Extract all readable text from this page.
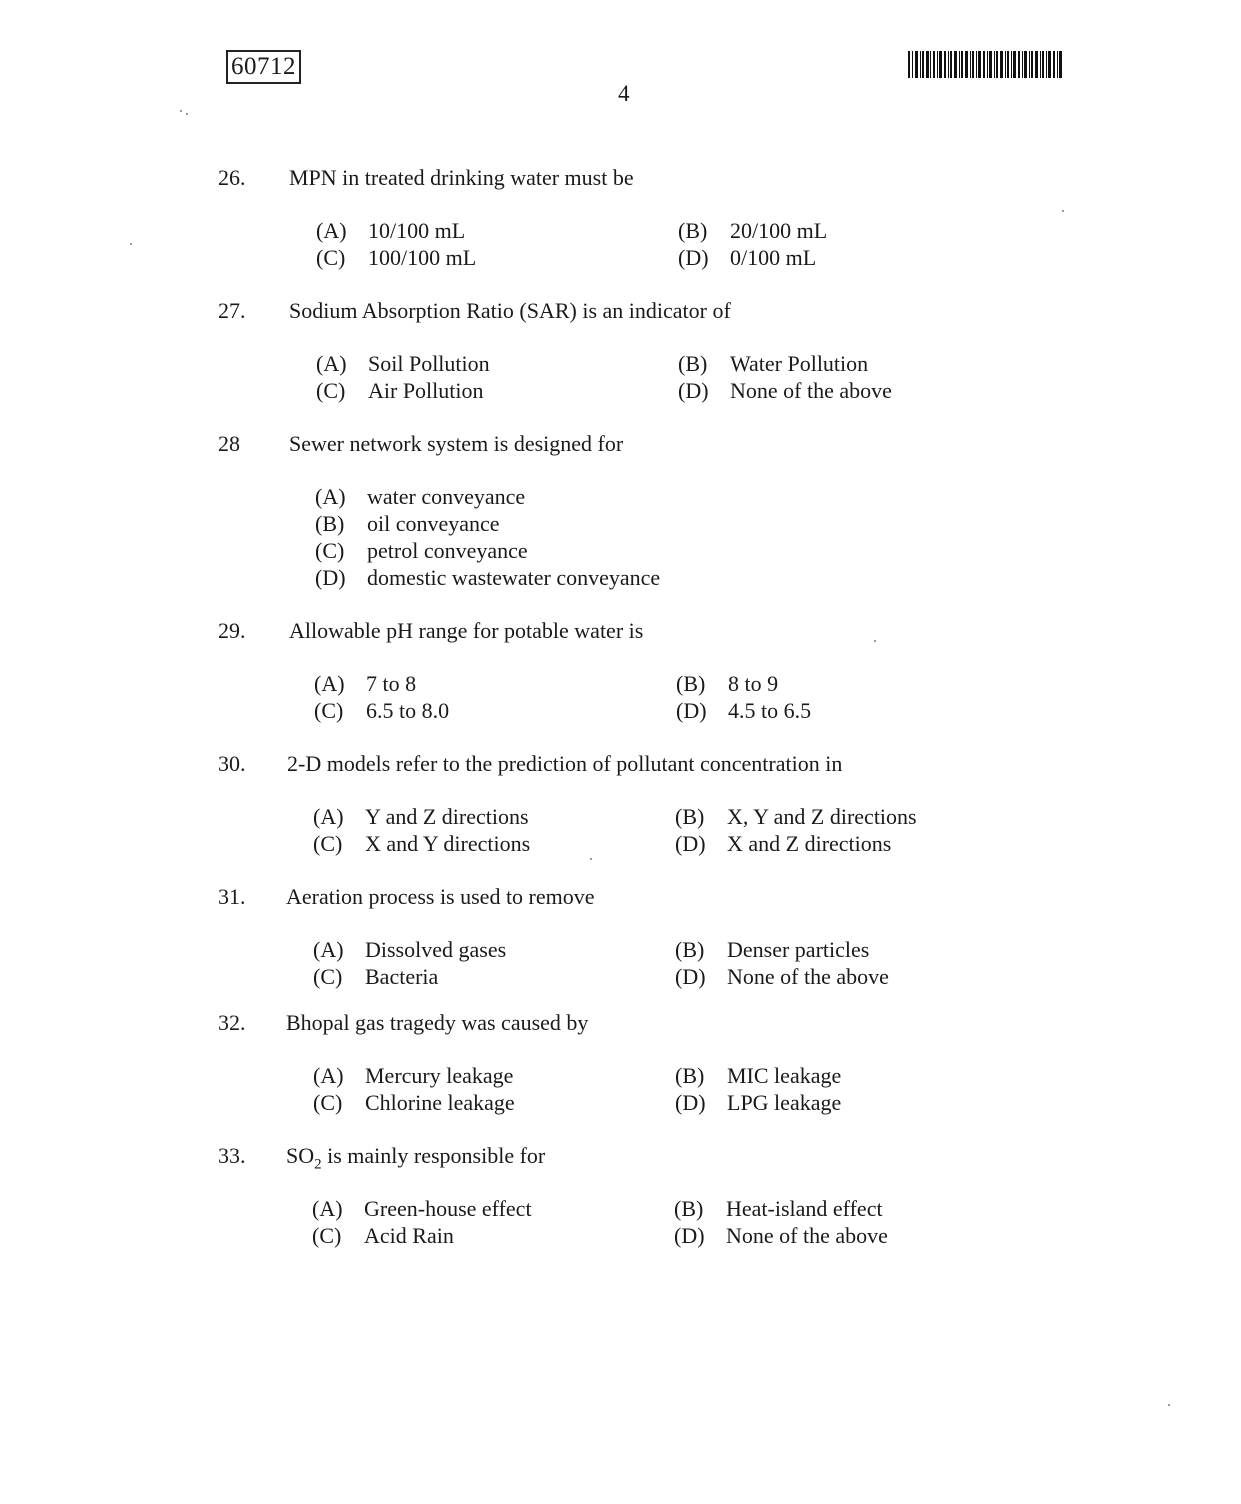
60712
4
26. MPN in treated drinking water must be
(A) 10/100 mL	(B) 20/100 mL
(C) 100/100 mL	(D) 0/100 mL
27. Sodium Absorption Ratio (SAR) is an indicator of
(A) Soil Pollution	(B) Water Pollution
(C) Air Pollution	(D) None of the above
28 Sewer network system is designed for
(A) water conveyance
(B) oil conveyance
(C) petrol conveyance
(D) domestic wastewater conveyance
29. Allowable pH range for potable water is
(A) 7 to 8	(B) 8 to 9
(C) 6.5 to 8.0	(D) 4.5 to 6.5
30. 2-D models refer to the prediction of pollutant concentration in
(A) Y and Z directions	(B) X, Y and Z directions
(C) X and Y directions	(D) X and Z directions
31. Aeration process is used to remove
(A) Dissolved gases	(B) Denser particles
(C) Bacteria	(D) None of the above
32. Bhopal gas tragedy was caused by
(A) Mercury leakage	(B) MIC leakage
(C) Chlorine leakage	(D) LPG leakage
33. $SO_2$ is mainly responsible for
(A) Green-house effect	(B) Heat-island effect
(C) Acid Rain	(D) None of the above
